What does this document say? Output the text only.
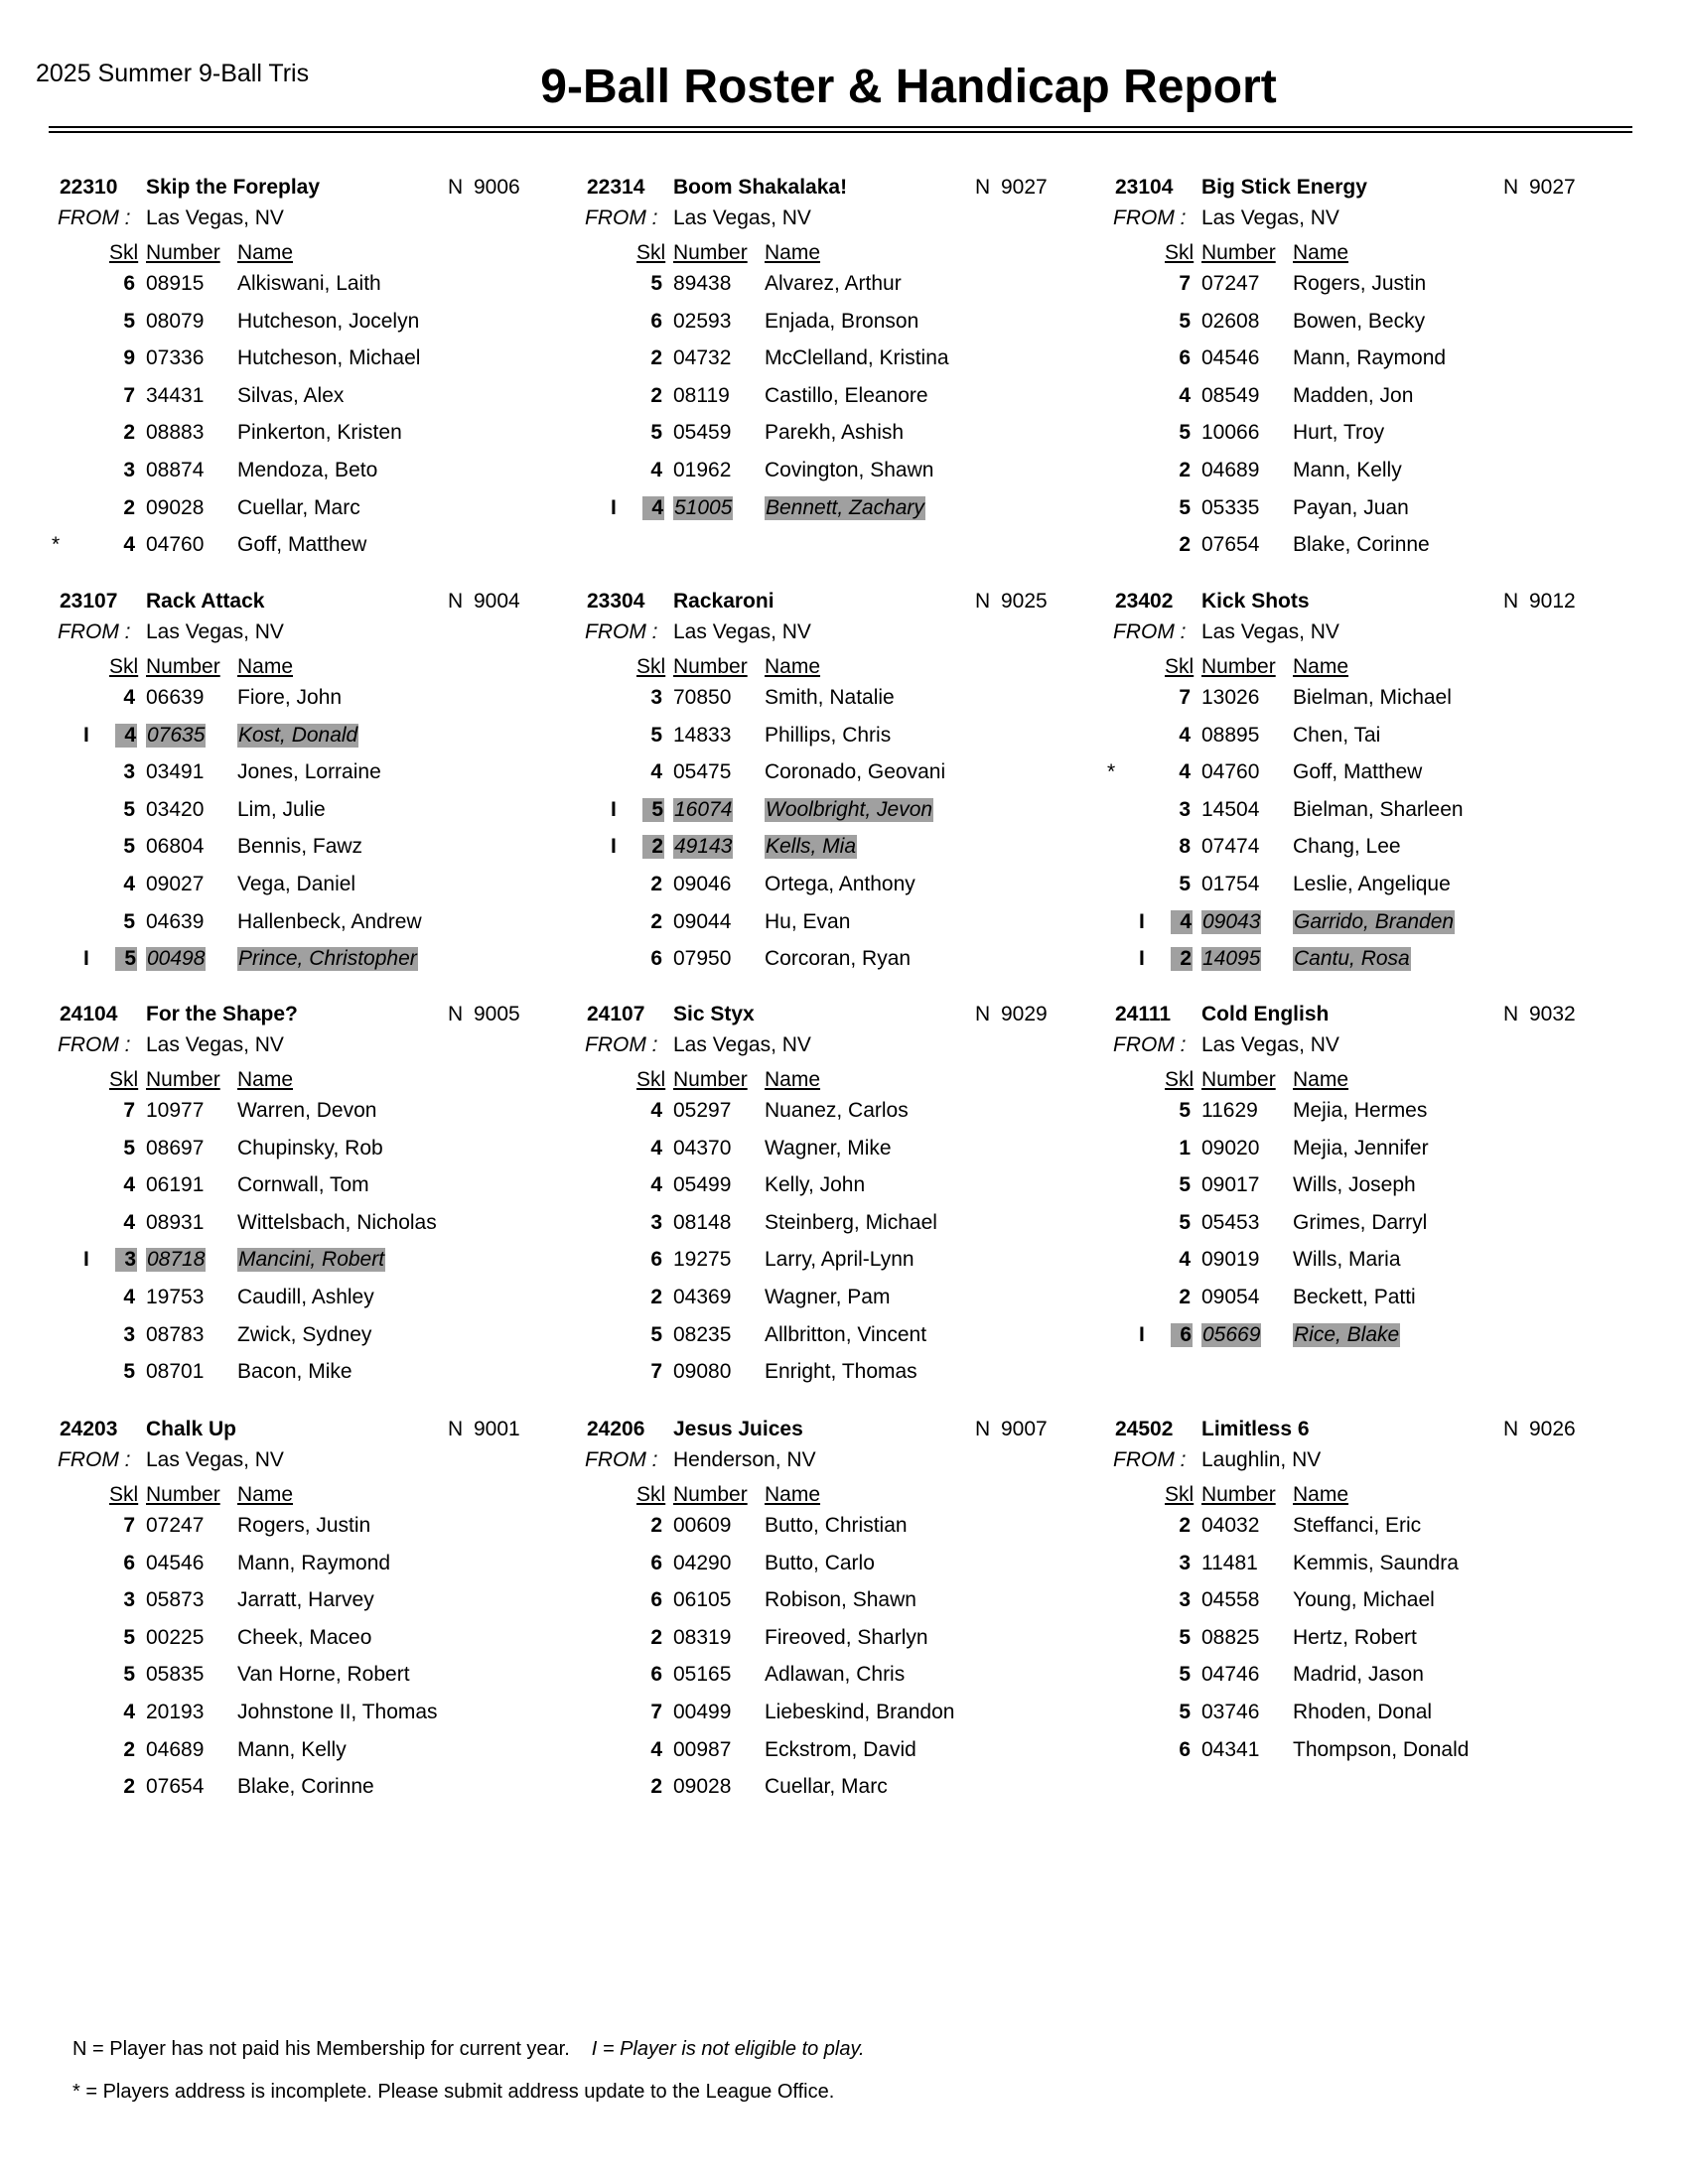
2025 Summer 9-Ball Tris	9-Ball Roster & Handicap Report
22310 Skip the Foreplay	N 9006
FROM : Las Vegas, NV
Skl Number Name
6 08915 Alkiswani, Laith
5 08079 Hutcheson, Jocelyn
9 07336 Hutcheson, Michael
7 34431 Silvas, Alex
2 08883 Pinkerton, Kristen
3 08874 Mendoza, Beto
2 09028 Cuellar, Marc
*	4 04760 Goff, Matthew
22314 Boom Shakalaka!	N 9027
FROM : Las Vegas, NV
Skl Number Name
5 89438 Alvarez, Arthur
6 02593 Enjada, Bronson
2 04732 McClelland, Kristina
2 08119 Castillo, Eleanore
5 05459 Parekh, Ashish
4 01962 Covington, Shawn
I	4 51005 Bennett, Zachary
23104 Big Stick Energy	N 9027
FROM : Las Vegas, NV
Skl Number Name
7 07247 Rogers, Justin
5 02608 Bowen, Becky
6 04546 Mann, Raymond
4 08549 Madden, Jon
5 10066 Hurt, Troy
2 04689 Mann, Kelly
5 05335 Payan, Juan
2 07654 Blake, Corinne
23107 Rack Attack	N 9004
FROM : Las Vegas, NV
Skl Number Name
4 06639 Fiore, John
I	4 07635 Kost, Donald
3 03491 Jones, Lorraine
5 03420 Lim, Julie
5 06804 Bennis, Fawz
4 09027 Vega, Daniel
5 04639 Hallenbeck, Andrew
I	5 00498 Prince, Christopher
23304 Rackaroni	N 9025
FROM : Las Vegas, NV
Skl Number Name
3 70850 Smith, Natalie
5 14833 Phillips, Chris
4 05475 Coronado, Geovani
I	5 16074 Woolbright, Jevon
I	2 49143 Kells, Mia
2 09046 Ortega, Anthony
2 09044 Hu, Evan
6 07950 Corcoran, Ryan
23402 Kick Shots	N 9012
FROM : Las Vegas, NV
Skl Number Name
7 13026 Bielman, Michael
4 08895 Chen, Tai
*	4 04760 Goff, Matthew
3 14504 Bielman, Sharleen
8 07474 Chang, Lee
5 01754 Leslie, Angelique
I	4 09043 Garrido, Branden
I	2 14095 Cantu, Rosa
24104 For the Shape?	N 9005
FROM : Las Vegas, NV
Skl Number Name
7 10977 Warren, Devon
5 08697 Chupinsky, Rob
4 06191 Cornwall, Tom
4 08931 Wittelsbach, Nicholas
I	3 08718 Mancini, Robert
4 19753 Caudill, Ashley
3 08783 Zwick, Sydney
5 08701 Bacon, Mike
24107 Sic Styx	N 9029
FROM : Las Vegas, NV
Skl Number Name
4 05297 Nuanez, Carlos
4 04370 Wagner, Mike
4 05499 Kelly, John
3 08148 Steinberg, Michael
6 19275 Larry, April-Lynn
2 04369 Wagner, Pam
5 08235 Allbritton, Vincent
7 09080 Enright, Thomas
24111 Cold English	N 9032
FROM : Las Vegas, NV
Skl Number Name
5 11629 Mejia, Hermes
1 09020 Mejia, Jennifer
5 09017 Wills, Joseph
5 05453 Grimes, Darryl
4 09019 Wills, Maria
2 09054 Beckett, Patti
I	6 05669 Rice, Blake
24203 Chalk Up	N 9001
FROM : Las Vegas, NV
Skl Number Name
7 07247 Rogers, Justin
6 04546 Mann, Raymond
3 05873 Jarratt, Harvey
5 00225 Cheek, Maceo
5 05835 Van Horne, Robert
4 20193 Johnstone II, Thomas
2 04689 Mann, Kelly
2 07654 Blake, Corinne
24206 Jesus Juices	N 9007
FROM : Henderson, NV
Skl Number Name
2 00609 Butto, Christian
6 04290 Butto, Carlo
6 06105 Robison, Shawn
2 08319 Fireoved, Sharlyn
6 05165 Adlawan, Chris
7 00499 Liebeskind, Brandon
4 00987 Eckstrom, David
2 09028 Cuellar, Marc
24502 Limitless 6	N 9026
FROM : Laughlin, NV
Skl Number Name
2 04032 Steffanci, Eric
3 11481 Kemmis, Saundra
3 04558 Young, Michael
5 08825 Hertz, Robert
5 04746 Madrid, Jason
5 03746 Rhoden, Donal
6 04341 Thompson, Donald
N = Player has not paid his Membership for current year. I = Player is not eligible to play.
* = Players address is incomplete. Please submit address update to the League Office.
